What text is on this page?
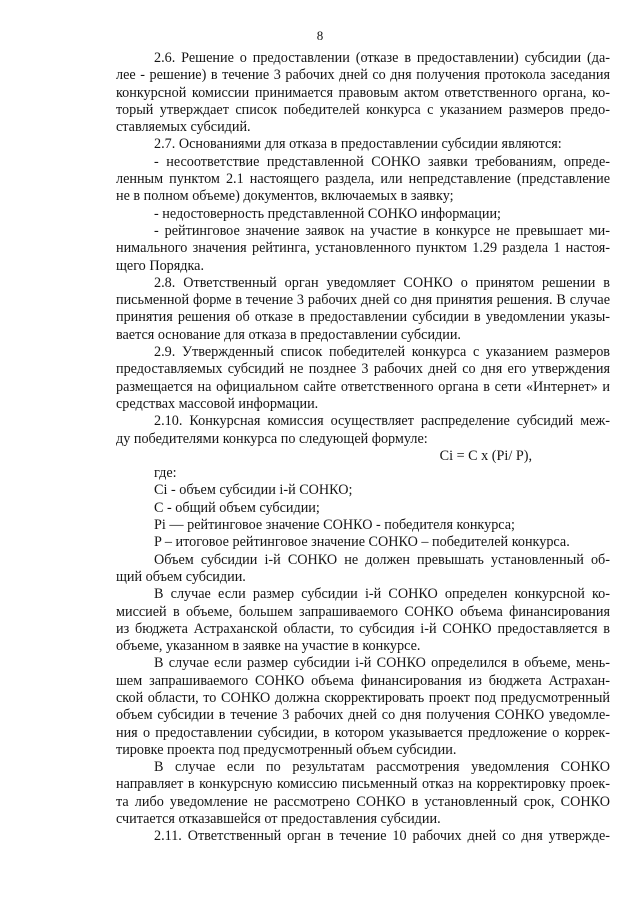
8

2.6. Решение о предоставлении (отказе в предоставлении) субсидии (да-

лее - решение) в течение 3 рабочих дней со дня получения протокола заседания

конкурсной комиссии принимается правовым актом ответственного органа, ко-

торый утверждает список победителей конкурса с указанием размеров предо-

ставляемых субсидий.

2.7. Основаниями для отказа в предоставлении субсидии являются:

- несоответствие представленной СОНКО заявки требованиям, опреде-

ленным пунктом 2.1 настоящего раздела, или непредставление (представление

не в полном объеме) документов, включаемых в заявку;

- недостоверность представленной СОНКО информации;

- рейтинговое значение заявок на участие в конкурсе не превышает ми-

нимального значения рейтинга, установленного пунктом 1.29 раздела 1 настоя-

щего Порядка.

2.8. Ответственный орган уведомляет СОНКО о принятом решении в

письменной форме в течение 3 рабочих дней со дня принятия решения. В случае

принятия решения об отказе в предоставлении субсидии в уведомлении указы-

вается основание для отказа в предоставлении субсидии.

2.9. Утвержденный список победителей конкурса с указанием размеров

предоставляемых субсидий не позднее 3 рабочих дней со дня его утверждения

размещается на официальном сайте ответственного органа в сети «Интернет» и

средствах массовой информации.

2.10. Конкурсная комиссия осуществляет распределение субсидий меж-

ду победителями конкурса по следующей формуле:

Ci = C x (Pi/ P),

где:

Ci - объем субсидии i-й СОНКО;

C - общий объем субсидии;

Pi — рейтинговое значение СОНКО - победителя конкурса;

P – итоговое рейтинговое значение СОНКО – победителей конкурса.

Объем субсидии i-й СОНКО не должен превышать установленный об-

щий объем субсидии.

В случае если размер субсидии i-й СОНКО определен конкурсной ко-

миссией в объеме, большем запрашиваемого СОНКО объема финансирования

из бюджета Астраханской области, то субсидия i-й СОНКО предоставляется в

объеме, указанном в заявке на участие в конкурсе.

В случае если размер субсидии i-й СОНКО определился в объеме, мень-

шем запрашиваемого СОНКО объема финансирования из бюджета Астрахан-

ской области, то СОНКО должна скорректировать проект под предусмотренный

объем субсидии в течение 3 рабочих дней со дня получения СОНКО уведомле-

ния о предоставлении субсидии, в котором указывается предложение о коррек-

тировке проекта под предусмотренный объем субсидии.

В случае если по результатам рассмотрения уведомления СОНКО

направляет в конкурсную комиссию письменный отказ на корректировку проек-

та либо уведомление не рассмотрено СОНКО в установленный срок, СОНКО

считается отказавшейся от предоставления субсидии.

2.11. Ответственный орган в течение 10 рабочих дней со дня утвержде-
